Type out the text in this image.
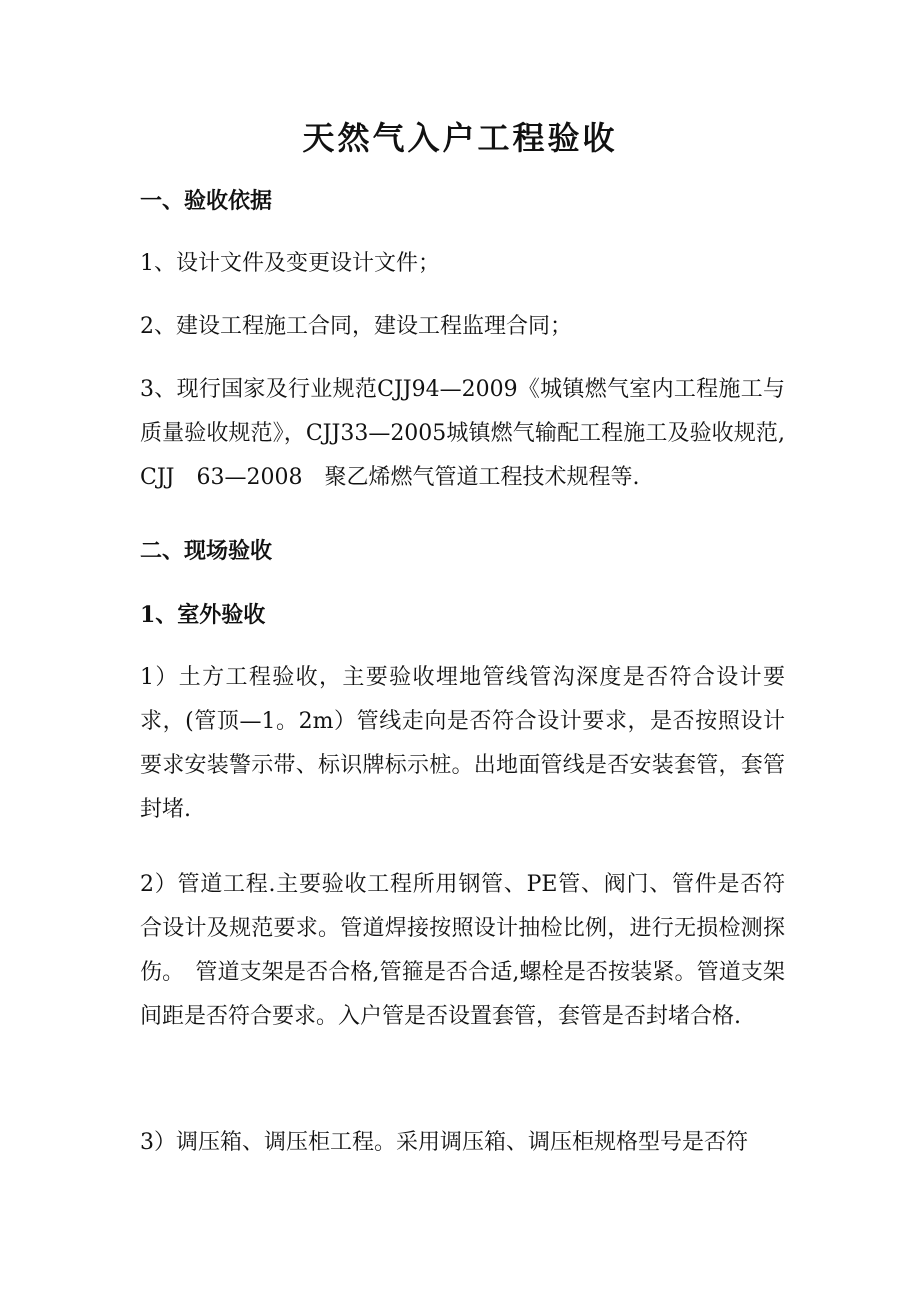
天然气入户工程验收
一、验收依据

1、设计文件及变更设计文件；

2、建设工程施工合同，建设工程监理合同；

3、现行国家及行业规范CJJ94—2009《城镇燃气室内工程施工与质量验收规范》，CJJ33—2005城镇燃气输配工程施工及验收规范,CJJ　63—2008　聚乙烯燃气管道工程技术规程等.

二、现场验收
1、室外验收

1）土方工程验收，主要验收埋地管线管沟深度是否符合设计要求，(管顶—1。2m）管线走向是否符合设计要求，是否按照设计要求安装警示带、标识牌标示桩。出地面管线是否安装套管，套管封堵.

2）管道工程.主要验收工程所用钢管、PE管、阀门、管件是否符合设计及规范要求。管道焊接按照设计抽检比例，进行无损检测探伤。　管道支架是否合格,管箍是否合适,螺栓是否按装紧。管道支架间距是否符合要求。入户管是否设置套管，套管是否封堵合格.

3）调压箱、调压柜工程。采用调压箱、调压柜规格型号是否符
